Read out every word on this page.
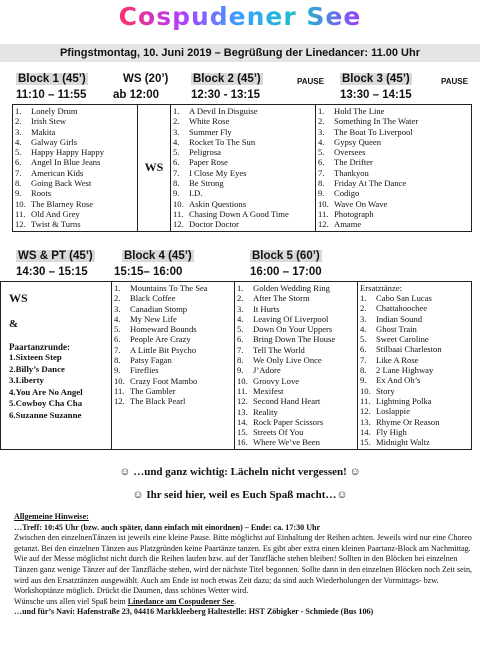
Cospudener See
Pfingstmontag, 10. Juni 2019 – Begrüßung der Linedancer: 11.00 Uhr
Block 1 (45’)
11:10 – 11:55
WS (20’)
ab 12:00
Block 2 (45’)
12:30 - 13:15
PAUSE Block 3 (45’)
13:30 – 14:15
PAUSE
1. Lonely Drum
2. Irish Stew
3. Makita
4. Galway Girls
5. Happy Happy Happy
6. Angel In Blue Jeans
7. American Kids
8. Going Back West
9. Roots
10. The Blarney Rose
11. Old And Grey
12. Twist & Turns
	WS	
1. A Devil In Disguise
2. White Rose
3. Summer Fly
4. Rocket To The Sun
5. Peligrosa
6. Paper Rose
7. I Close My Eyes
8. Be Strong
9. I.D.
10. Askin Questions
11. Chasing Down A Good Time
12. Doctor Doctor

1. Hold The Line
2. Something In The Water
3. The Boat To Liverpool
4. Gypsy Queen
5. Oversees
6. The Drifter
7. Thankyou
8. Friday At The Dance
9. Codigo
10. Wave On Wave
11. Photograph
12. Amame
WS & PT (45’)
14:30 – 15:15
Block 4 (45’)
15:15– 16:00
Block 5 (60’)
16:00 – 17:00
WS
&
Paartanzrunde:
1.Sixteen Step
2.Billy’s Dance
3.Liberty
4.You Are No Angel
5.Cowboy Cha Cha
6.Suzanne Suzanne

1. Mountains To The Sea
2. Black Coffee
3. Canadian Stomp
4. My New Life
5. Homeward Bounds
6. People Are Crazy
7. A Little Bit Psycho
8. Patsy Fagan
9. Fireflies
10. Crazy Foot Mambo
11. The Gambler
12. The Black Pearl

1. Golden Wedding Ring
2. After The Storm
3. It Hurts
4. Leaving Of Liverpool
5. Down On Your Uppers
6. Bring Down The House
7. Tell The World
8. We Only Live Once
9. J’Adore
10. Groovy Love
11. Mexifest
12. Second Hand Heart
13. Reality
14. Rock Paper Scissors
15. Streets Of You
16. Where We’ve Been

Ersatztänze:
1. Cabo San Lucas
2. Chattahoochee
3. Indian Sound
4. Ghost Train
5. Sweet Caroline
6. Stilbaai Charleston
7. Like A Rose
8. 2 Lane Highway
9. Ex And Oh’s
10. Story
11. Lightning Polka
12. Loslappie
13. Rhyme Or Reason
14. Fly High
15. Midnight Waltz
☺ …und ganz wichtig: Lächeln nicht vergessen! ☺
☺ Ihr seid hier, weil es Euch Spaß macht…☺

Allgemeine Hinweise:

…Treff: 10:45 Uhr (bzw. auch später, dann einfach mit einordnen) – Ende: ca. 17:30 Uhr

Zwischen den einzelnenTänzen ist jeweils eine kleine Pause. Bitte möglichst auf Einhaltung der Reihen achten. Jeweils wird nur eine Choreo getanzt. Bei den einzelnen Tänzen aus Platzgründen keine Paartänze tanzen. Es gibt aber extra einen kleinen Paartanz-Block am Nachmittag.

Wie auf der Messe möglichst nicht durch die Reihen laufen bzw. auf der Tanzfläche stehen bleiben! Sollten in den Blöcken bei einzelnen Tänzen ganz wenige Tänzer auf der Tanzfläche stehen, wird der nächste Titel begonnen. Sollte dann in den einzelnen Blöcken noch Zeit sein, wird aus den Ersatztänzen ausgewählt. Auch am Ende ist noch etwas Zeit dazu; da sind auch Wiederholungen der Vormittags- bzw. Workshoptänze möglich. Drückt die Daumen, dass schönes Wetter wird.

Wünsche uns allen viel Spaß beim Linedance am Cospudener See.

…und für’s Navi: Hafenstraße 23, 04416 Markkleeberg Haltestelle: HST Zöbigker - Schmiede (Bus 106)
